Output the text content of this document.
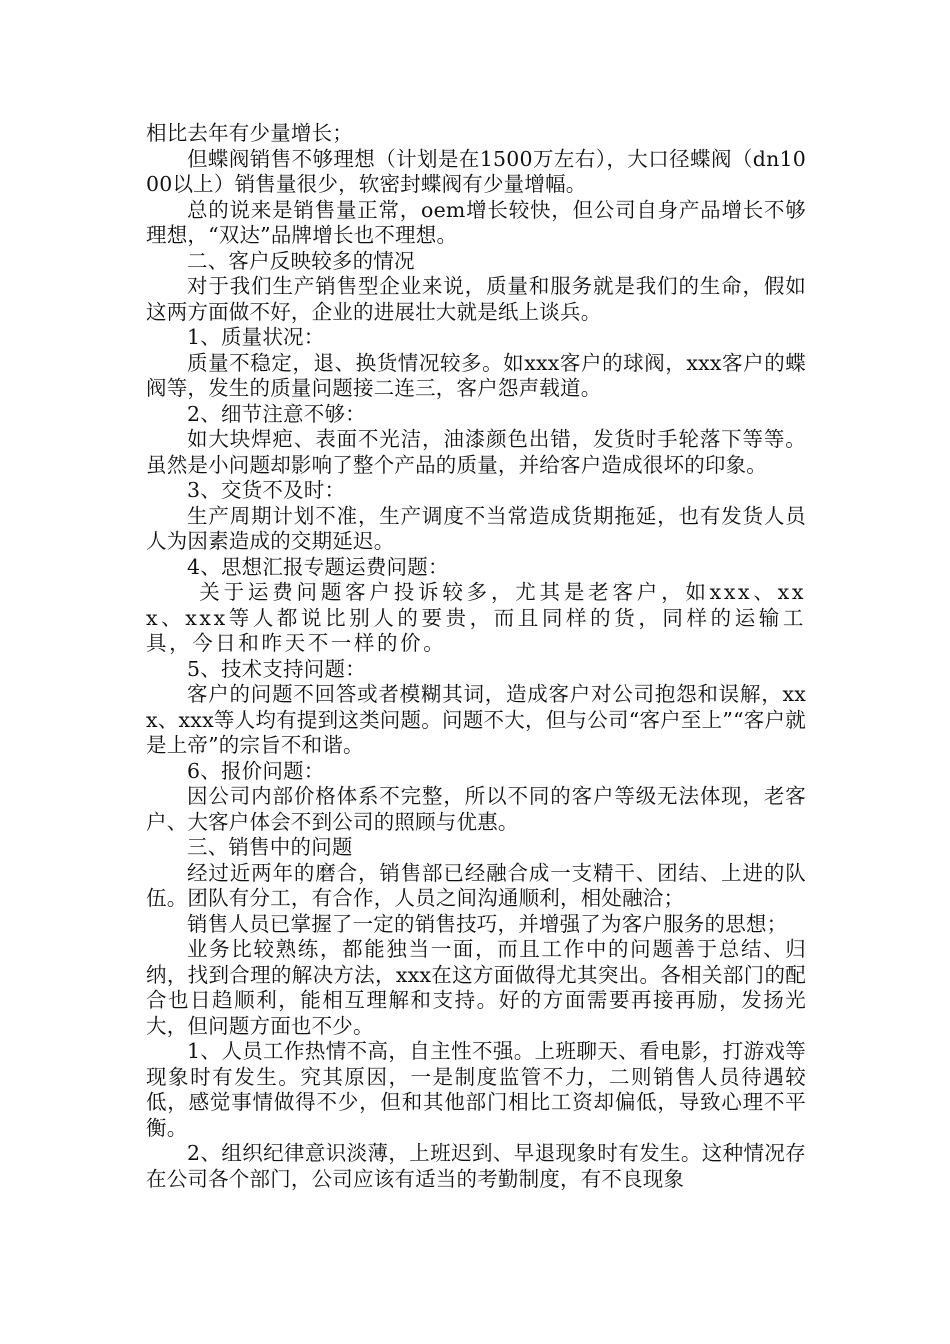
相比去年有少量增长；

但蝶阀销售不够理想（计划是在1500万左右），大口径蝶阀（dn1000以上）销售量很少，软密封蝶阀有少量增幅。

总的说来是销售量正常，oem增长较快，但公司自身产品增长不够理想，“双达”品牌增长也不理想。

二、客户反映较多的情况

对于我们生产销售型企业来说，质量和服务就是我们的生命，假如这两方面做不好，企业的进展壮大就是纸上谈兵。

1、质量状况：

质量不稳定，退、换货情况较多。如xxx客户的球阀，xxx客户的蝶阀等，发生的质量问题接二连三，客户怨声载道。

2、细节注意不够：

如大块焊疤、表面不光洁，油漆颜色出错，发货时手轮落下等等。虽然是小问题却影响了整个产品的质量，并给客户造成很坏的印象。

3、交货不及时：

生产周期计划不准，生产调度不当常造成货期拖延，也有发货人员人为因素造成的交期延迟。

4、思想汇报专题运费问题：

关于运费问题客户投诉较多，尤其是老客户，如xxx、xxx、xxx等人都说比别人的要贵，而且同样的货，同样的运输工具，今日和昨天不一样的价。

5、技术支持问题：

客户的问题不回答或者模糊其词，造成客户对公司抱怨和误解，xxx、xxx等人均有提到这类问题。问题不大，但与公司“客户至上”“客户就是上帝”的宗旨不和谐。

6、报价问题：

因公司内部价格体系不完整，所以不同的客户等级无法体现，老客户、大客户体会不到公司的照顾与优惠。

三、销售中的问题

经过近两年的磨合，销售部已经融合成一支精干、团结、上进的队伍。团队有分工，有合作，人员之间沟通顺利，相处融洽；

销售人员已掌握了一定的销售技巧，并增强了为客户服务的思想；

业务比较熟练，都能独当一面，而且工作中的问题善于总结、归纳，找到合理的解决方法，xxx在这方面做得尤其突出。各相关部门的配合也日趋顺利，能相互理解和支持。好的方面需要再接再励，发扬光大，但问题方面也不少。

1、人员工作热情不高，自主性不强。上班聊天、看电影，打游戏等现象时有发生。究其原因，一是制度监管不力，二则销售人员待遇较低，感觉事情做得不少，但和其他部门相比工资却偏低，导致心理不平衡。

2、组织纪律意识淡薄，上班迟到、早退现象时有发生。这种情况存在公司各个部门，公司应该有适当的考勤制度，有不良现象
